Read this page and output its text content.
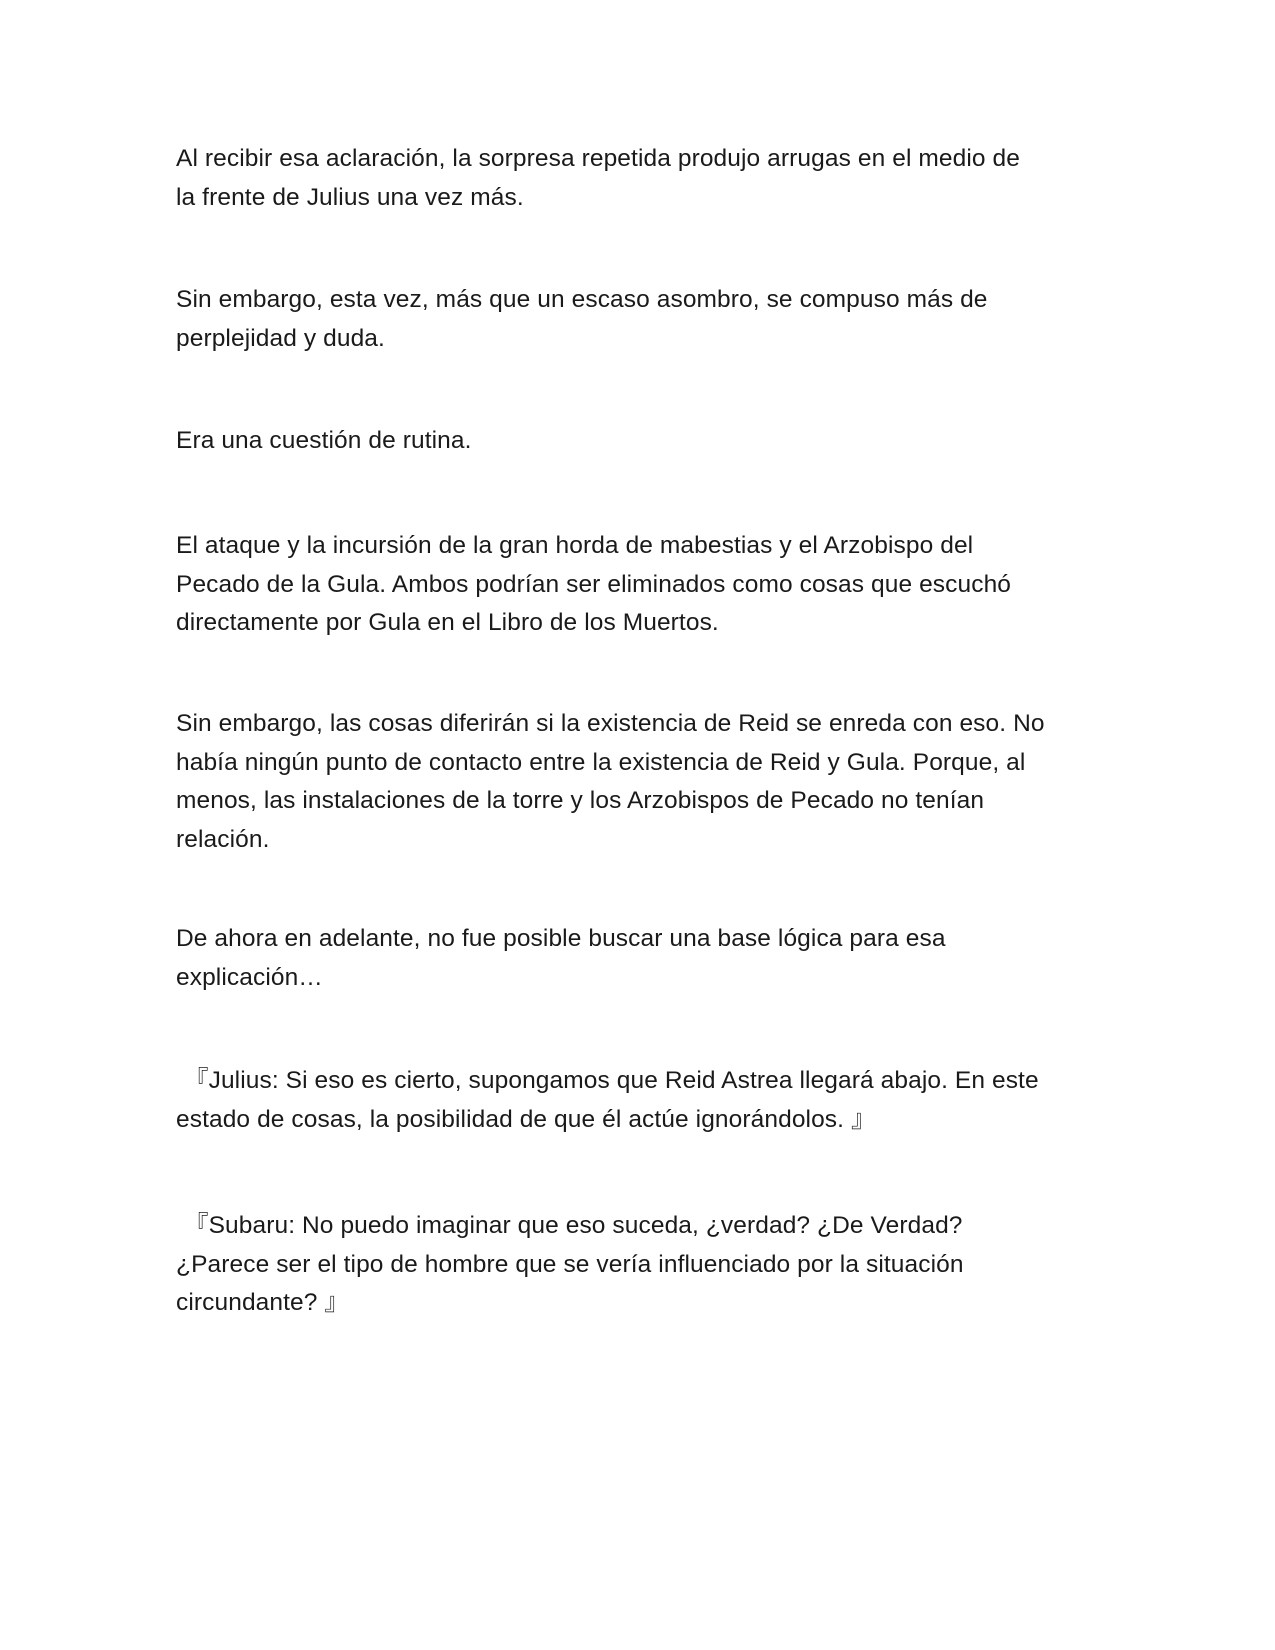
Al recibir esa aclaración, la sorpresa repetida produjo arrugas en el medio de
la frente de Julius una vez más.

Sin embargo, esta vez, más que un escaso asombro, se compuso más de
perplejidad y duda.

Era una cuestión de rutina.

El ataque y la incursión de la gran horda de mabestias y el Arzobispo del
Pecado de la Gula. Ambos podrían ser eliminados como cosas que escuchó
directamente por Gula en el Libro de los Muertos.

Sin embargo, las cosas diferirán si la existencia de Reid se enreda con eso. No
había ningún punto de contacto entre la existencia de Reid y Gula. Porque, al
menos, las instalaciones de la torre y los Arzobispos de Pecado no tenían
relación.

De ahora en adelante, no fue posible buscar una base lógica para esa
explicación…

『Julius: Si eso es cierto, supongamos que Reid Astrea llegará abajo. En este
estado de cosas, la posibilidad de que él actúe ignorándolos. 』

『Subaru: No puedo imaginar que eso suceda, ¿verdad? ¿De Verdad?
¿Parece ser el tipo de hombre que se vería influenciado por la situación
circundante? 』
